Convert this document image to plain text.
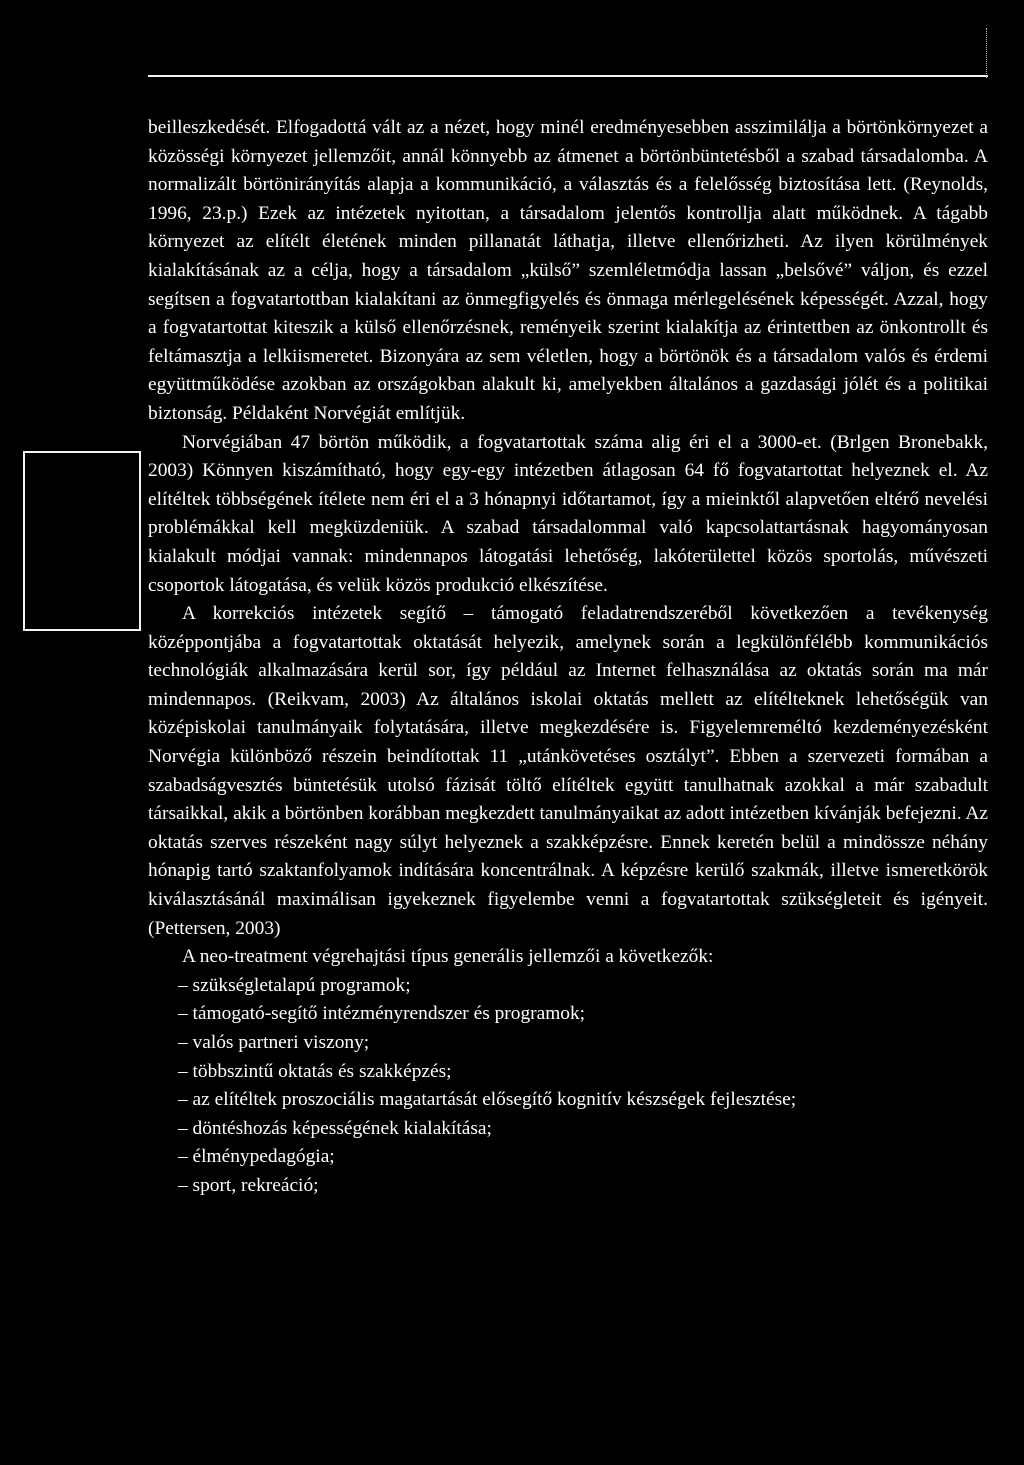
beilleszkedését. Elfogadottá vált az a nézet, hogy minél eredményesebben asszimilálja a börtönkörnyezet a közösségi környezet jellemzőit, annál könnyebb az átmenet a börtönbüntetésből a szabad társadalomba. A normalizált börtönirányítás alapja a kommunikáció, a választás és a felelősség biztosítása lett. (Reynolds, 1996, 23.p.) Ezek az intézetek nyitottan, a társadalom jelentős kontrollja alatt működnek. A tágabb környezet az elítélt életének minden pillanatát láthatja, illetve ellenőrizheti. Az ilyen körülmények kialakításának az a célja, hogy a társadalom „külső” szemléletmódja lassan „belsővé” váljon, és ezzel segítsen a fogvatartottban kialakítani az önmegfigyelés és önmaga mérlegelésének képességét. Azzal, hogy a fogvatartottat kiteszik a külső ellenőrzésnek, reményeik szerint kialakítja az érintettben az önkontrollt és feltámasztja a lelkiismeretet. Bizonyára az sem véletlen, hogy a börtönök és a társadalom valós és érdemi együttműködése azokban az országokban alakult ki, amelyekben általános a gazdasági jólét és a politikai biztonság. Példaként Norvégiát említjük.

Norvégiában 47 börtön működik, a fogvatartottak száma alig éri el a 3000-et. (Brlgen Bronebakk, 2003) Könnyen kiszámítható, hogy egy-egy intézetben átlagosan 64 fő fogvatartottat helyeznek el. Az elítéltek többségének ítélete nem éri el a 3 hónapnyi időtartamot, így a mieinktől alapvetően eltérő nevelési problémákkal kell megküzdeniük. A szabad társadalommal való kapcsolattartásnak hagyományosan kialakult módjai vannak: mindennapos látogatási lehetőség, lakóterülettel közös sportolás, művészeti csoportok látogatása, és velük közös produkció elkészítése.

A korrekciós intézetek segítő – támogató feladatrendszeréből következően a tevékenység középpontjába a fogvatartottak oktatását helyezik, amelynek során a legkülönfélébb kommunikációs technológiák alkalmazására kerül sor, így például az Internet felhasználása az oktatás során ma már mindennapos. (Reikvam, 2003) Az általános iskolai oktatás mellett az elítélteknek lehetőségük van középiskolai tanulmányaik folytatására, illetve megkezdésére is. Figyelemreméltó kezdeményezésként Norvégia különböző részein beindítottak 11 „utánkövetéses osztályt”. Ebben a szervezeti formában a szabadságvesztés büntetésük utolsó fázisát töltő elítéltek együtt tanulhatnak azokkal a már szabadult társaikkal, akik a börtönben korábban megkezdett tanulmányaikat az adott intézetben kívánják befejezni. Az oktatás szerves részeként nagy súlyt helyeznek a szakképzésre. Ennek keretén belül a mindössze néhány hónapig tartó szaktanfolyamok indítására koncentrálnak. A képzésre kerülő szakmák, illetve ismeretkörök kiválasztásánál maximálisan igyekeznek figyelembe venni a fogvatartottak szükségleteit és igényeit. (Pettersen, 2003)

A neo-treatment végrehajtási típus generális jellemzői a következők:

– szükségletalapú programok;
– támogató-segítő intézményrendszer és programok;
– valós partneri viszony;
– többszintű oktatás és szakképzés;
– az elítéltek proszociális magatartását elősegítő kognitív készségek fejlesztése;
– döntéshozás képességének kialakítása;
– élménypedagógia;
– sport, rekreáció;
